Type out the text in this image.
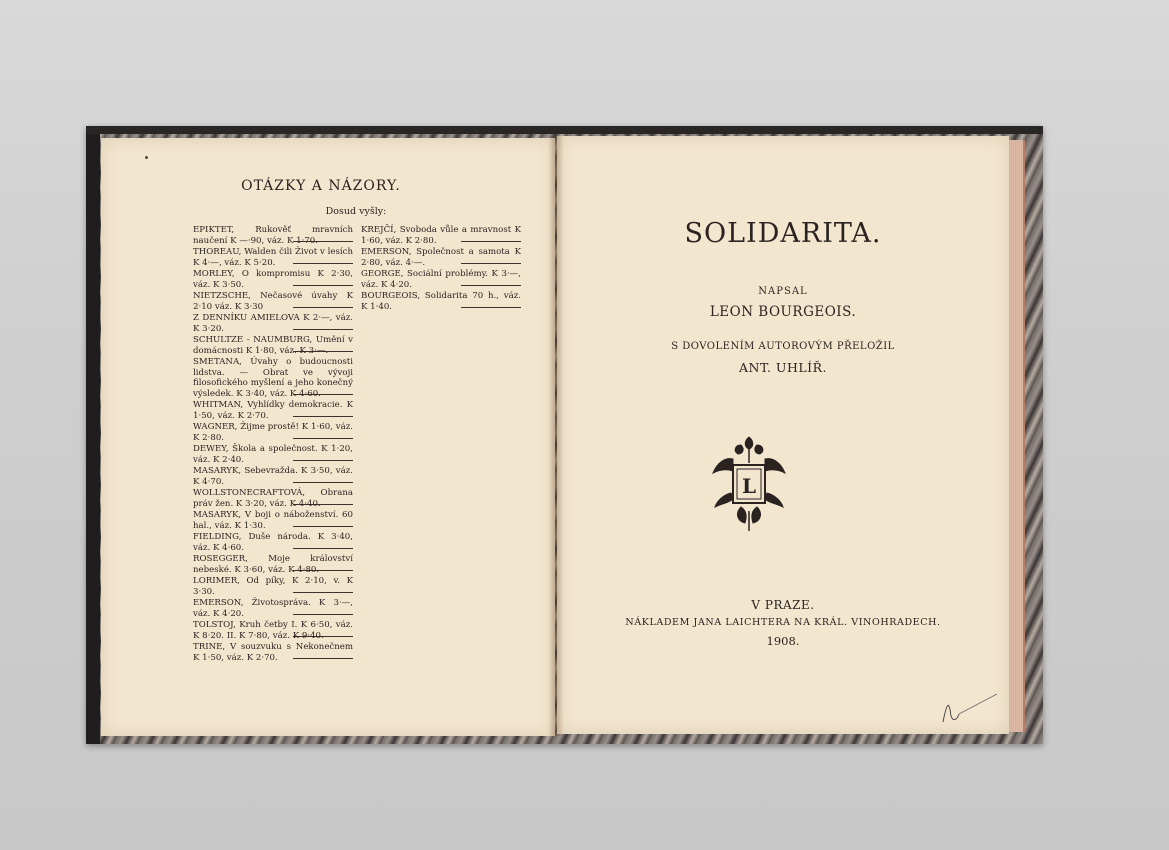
OTÁZKY A NÁZORY.
Dosud vyšly:
EPIKTET, Rukověť mravních naučení K —·90, váz. K 1·70.
THOREAU, Walden čili Život v lesích K 4·—, váz. K 5·20.
MORLEY, O kompromisu K 2·30, váz. K 3·50.
NIETZSCHE, Nečasové úvahy K 2·10 váz. K 3·30
Z DENNÍKU AMIELOVA K 2·—, váz. K 3·20.
SCHULTZE - NAUMBURG, Umění v domácnosti K 1·80, váz. K 3·—.
SMETANA, Úvahy o budoucnosti lidstva. — Obrat ve vývoji filosofického myšlení a jeho konečný výsledek. K 3·40, váz. K 4·60.
WHITMAN, Vyhlídky demokracie. K 1·50, váz. K 2·70.
WAGNER, Žijme prostě! K 1·60, váz. K 2·80.
DEWEY, Škola a společnost. K 1·20, váz. K 2·40.
MASARYK, Sebevražda. K 3·50, váz. K 4·70.
WOLLSTONECRAFTOVÁ, Obrana práv žen. K 3·20, váz. K 4·40.
MASARYK, V boji o náboženství. 60 hal., váz. K 1·30.
FIELDING, Duše národa. K 3·40, váz. K 4·60.
ROSEGGER, Moje království nebeské. K 3·60, váz. K 4·80.
LORIMER, Od píky, K 2·10, v. K 3·30.
EMERSON, Životospráva. K 3·—, váz. K 4·20.
TOLSTOJ, Kruh četby I. K 6·50, váz. K 8·20. II. K 7·80, váz. K 9·40.
TRINE, V souzvuku s Nekonečnem K 1·50, váz. K 2·70.
KREJČÍ, Svoboda vůle a mravnost K 1·60, váz. K 2·80.
EMERSON, Společnost a samota K 2·80, váz. 4·—.
GEORGE, Sociální problémy. K 3·—, váz. K 4·20.
BOURGEOIS, Solidarita 70 h., váz. K 1·40.
SOLIDARITA.
NAPSAL
LEON BOURGEOIS.
S DOVOLENÍM AUTOROVÝM PŘELOŽIL
ANT. UHLÍŘ.
L
V PRAZE.
NÁKLADEM JANA LAICHTERA NA KRÁL. VINOHRADECH.
1908.
